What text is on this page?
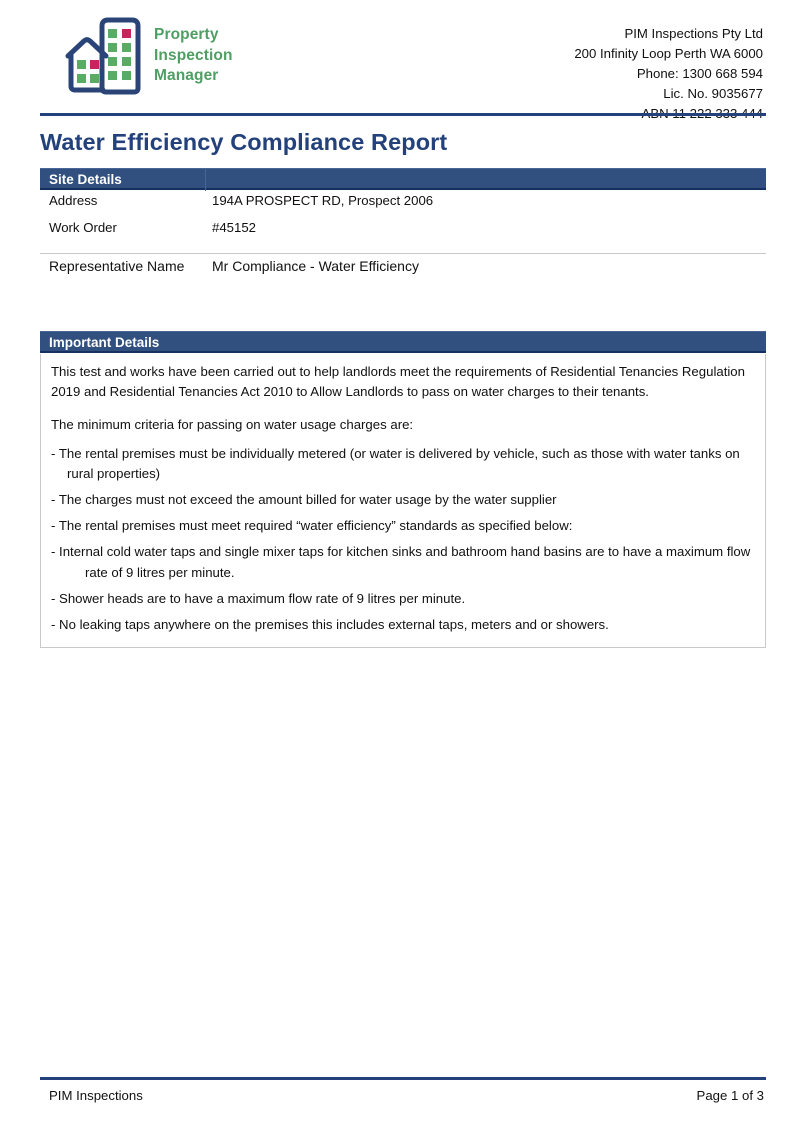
Property
Inspection
Manager
PIM Inspections Pty Ltd
200 Infinity Loop Perth WA 6000
Phone: 1300 668 594
Lic. No. 9035677
Water Efficiency Compliance Report
Site Details
Address	194A PROSPECT RD, Prospect 2006
Work Order	#45152
Representative Name	Mr Compliance - Water Efficiency
Important Details

This test and works have been carried out to help landlords meet the requirements of Residential Tenancies Regulation 2019 and Residential Tenancies Act 2010 to Allow Landlords to pass on water charges to their tenants.

The minimum criteria for passing on water usage charges are:

- The rental premises must be individually metered (or water is delivered by vehicle, such as those with water tanks on rural properties)

- The charges must not exceed the amount billed for water usage by the water supplier

- The rental premises must meet required “water efficiency” standards as specified below:

- Internal cold water taps and single mixer taps for kitchen sinks and bathroom hand basins are to have a maximum flow rate of 9 litres per minute.

- Shower heads are to have a maximum flow rate of 9 litres per minute.

- No leaking taps anywhere on the premises this includes external taps, meters and or showers.

PIM Inspections	Page 1 of 3
